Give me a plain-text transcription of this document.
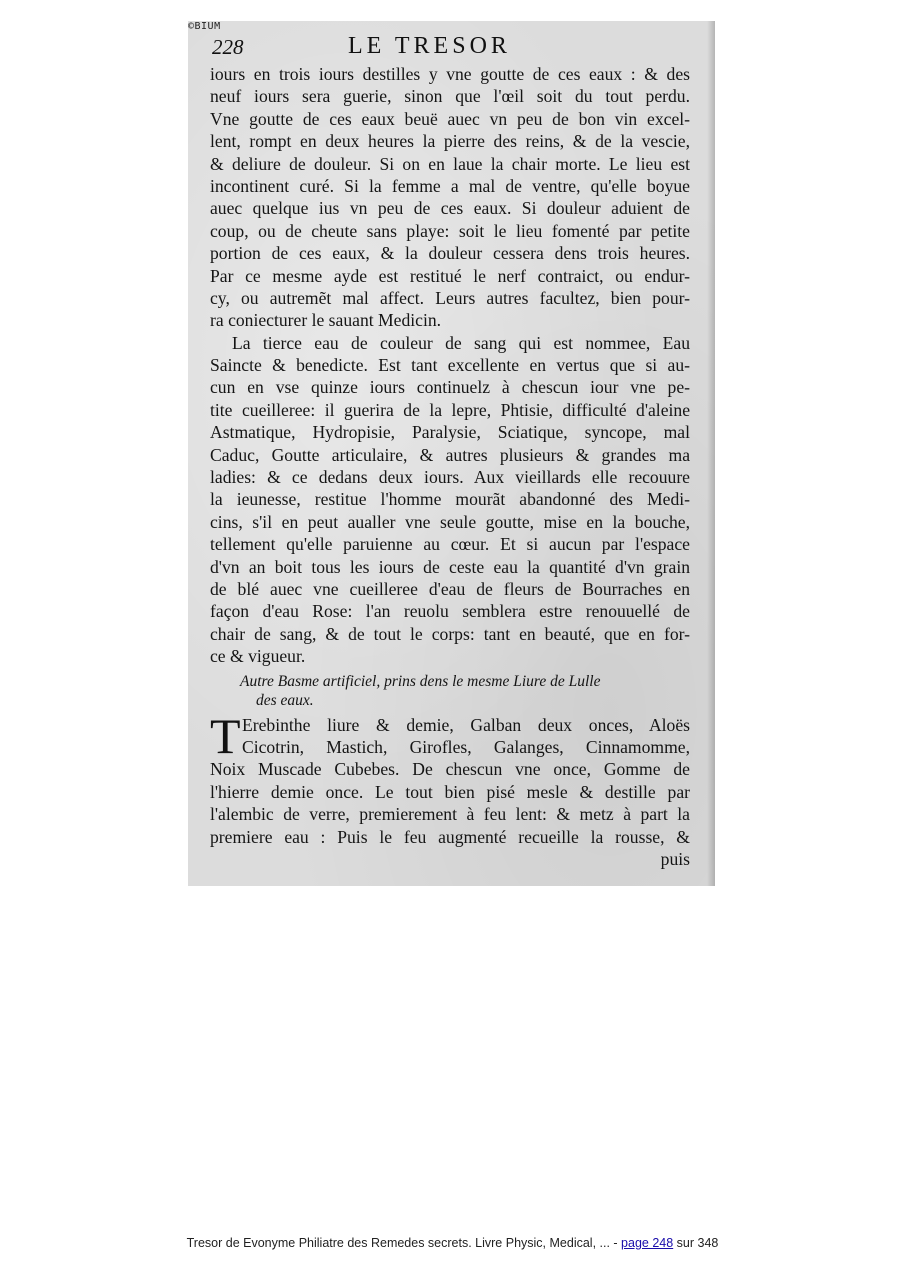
©BIUM
228	LE TRESOR
iours en trois iours destilles y vne goutte de ces eaux : & des
neuf iours sera guerie, sinon que l'œil soit du tout perdu.
Vne goutte de ces eaux beuë auec vn peu de bon vin excel-
lent, rompt en deux heures la pierre des reins, & de la vescie,
& deliure de douleur. Si on en laue la chair morte. Le lieu est
incontinent curé. Si la femme a mal de ventre, qu'elle boyue
auec quelque ius vn peu de ces eaux. Si douleur aduient de
coup, ou de cheute sans playe: soit le lieu fomenté par petite
portion de ces eaux, & la douleur cessera dens trois heures.
Par ce mesme ayde est restitué le nerf contraict, ou endur-
cy, ou autremẽt mal affect. Leurs autres facultez, bien pour-
ra coniecturer le sauant Medicin.
La tierce eau de couleur de sang qui est nommee, Eau
Saincte & benedicte. Est tant excellente en vertus que si au-
cun en vse quinze iours continuelz à chescun iour vne pe-
tite cueilleree: il guerira de la lepre, Phtisie, difficulté d'aleine
Astmatique, Hydropisie, Paralysie, Sciatique, syncope, mal
Caduc, Goutte articulaire, & autres plusieurs & grandes ma
ladies: & ce dedans deux iours. Aux vieillards elle recouure
la ieunesse, restitue l'homme mourãt abandonné des Medi-
cins, s'il en peut aualler vne seule goutte, mise en la bouche,
tellement qu'elle paruienne au cœur. Et si aucun par l'espace
d'vn an boit tous les iours de ceste eau la quantité d'vn grain
de blé auec vne cueilleree d'eau de fleurs de Bourraches en
façon d'eau Rose: l'an reuolu semblera estre renouuellé de
chair de sang, & de tout le corps: tant en beauté, que en for-
ce & vigueur.
Autre Basme artificiel, prins dens le mesme Liure de Lulle
des eaux.
T Erebinthe liure & demie, Galban deux onces, Aloës
Cicotrin, Mastich, Girofles, Galanges, Cinnamomme,
Noix Muscade Cubebes. De chescun vne once, Gomme de
l'hierre demie once. Le tout bien pisé mesle & destille par
l'alembic de verre, premierement à feu lent: & metz à part la
premiere eau : Puis le feu augmenté recueille la rousse, &
puis
Tresor de Evonyme Philiatre des Remedes secrets. Livre Physic, Medical, ... - page 248 sur 348
